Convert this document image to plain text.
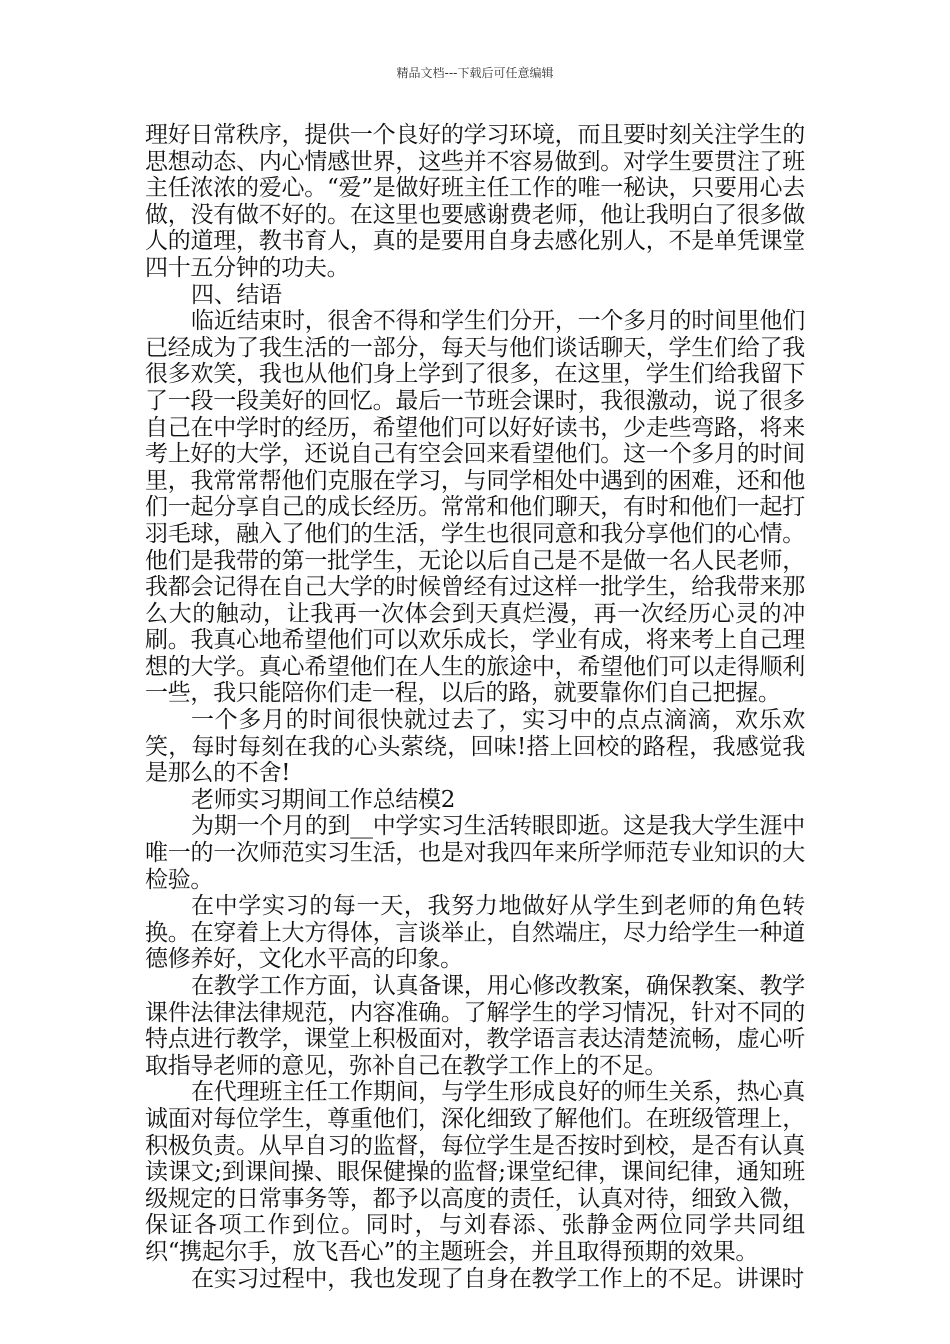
精品文档---下载后可任意编辑

理好日常秩序，提供一个良好的学习环境，而且要时刻关注学生的思想动态、内心情感世界，这些并不容易做到。对学生要贯注了班主任浓浓的爱心。“爱”是做好班主任工作的唯一秘诀，只要用心去做，没有做不好的。在这里也要感谢费老师，他让我明白了很多做人的道理，教书育人，真的是要用自身去感化别人，不是单凭课堂四十五分钟的功夫。

四、结语

临近结束时，很舍不得和学生们分开，一个多月的时间里他们已经成为了我生活的一部分，每天与他们谈话聊天，学生们给了我很多欢笑，我也从他们身上学到了很多，在这里，学生们给我留下了一段一段美好的回忆。最后一节班会课时，我很激动，说了很多自己在中学时的经历，希望他们可以好好读书，少走些弯路，将来考上好的大学，还说自己有空会回来看望他们。这一个多月的时间里，我常常帮他们克服在学习，与同学相处中遇到的困难，还和他们一起分享自己的成长经历。常常和他们聊天，有时和他们一起打羽毛球，融入了他们的生活，学生也很同意和我分享他们的心情。他们是我带的第一批学生，无论以后自己是不是做一名人民老师，我都会记得在自己大学的时候曾经有过这样一批学生，给我带来那么大的触动，让我再一次体会到天真烂漫，再一次经历心灵的冲刷。我真心地希望他们可以欢乐成长，学业有成，将来考上自己理想的大学。真心希望他们在人生的旅途中，希望他们可以走得顺利一些，我只能陪你们走一程，以后的路，就要靠你们自己把握。

一个多月的时间很快就过去了，实习中的点点滴滴，欢乐欢笑，每时每刻在我的心头萦绕，回味!搭上回校的路程，我感觉我是那么的不舍!

老师实习期间工作总结模2

为期一个月的到__中学实习生活转眼即逝。这是我大学生涯中唯一的一次师范实习生活，也是对我四年来所学师范专业知识的大检验。

在中学实习的每一天，我努力地做好从学生到老师的角色转换。在穿着上大方得体，言谈举止，自然端庄，尽力给学生一种道德修养好，文化水平高的印象。

在教学工作方面，认真备课，用心修改教案，确保教案、教学课件法律法律规范，内容准确。了解学生的学习情况，针对不同的特点进行教学，课堂上积极面对，教学语言表达清楚流畅，虚心听取指导老师的意见，弥补自己在教学工作上的不足。

在代理班主任工作期间，与学生形成良好的师生关系，热心真诚面对每位学生，尊重他们，深化细致了解他们。在班级管理上，积极负责。从早自习的监督，每位学生是否按时到校，是否有认真读课文;到课间操、眼保健操的监督;课堂纪律，课间纪律，通知班级规定的日常事务等，都予以高度的责任，认真对待，细致入微，保证各项工作到位。同时，与刘春添、张静金两位同学共同组织“携起尔手，放飞吾心”的主题班会，并且取得预期的效果。

在实习过程中，我也发现了自身在教学工作上的不足。讲课时
